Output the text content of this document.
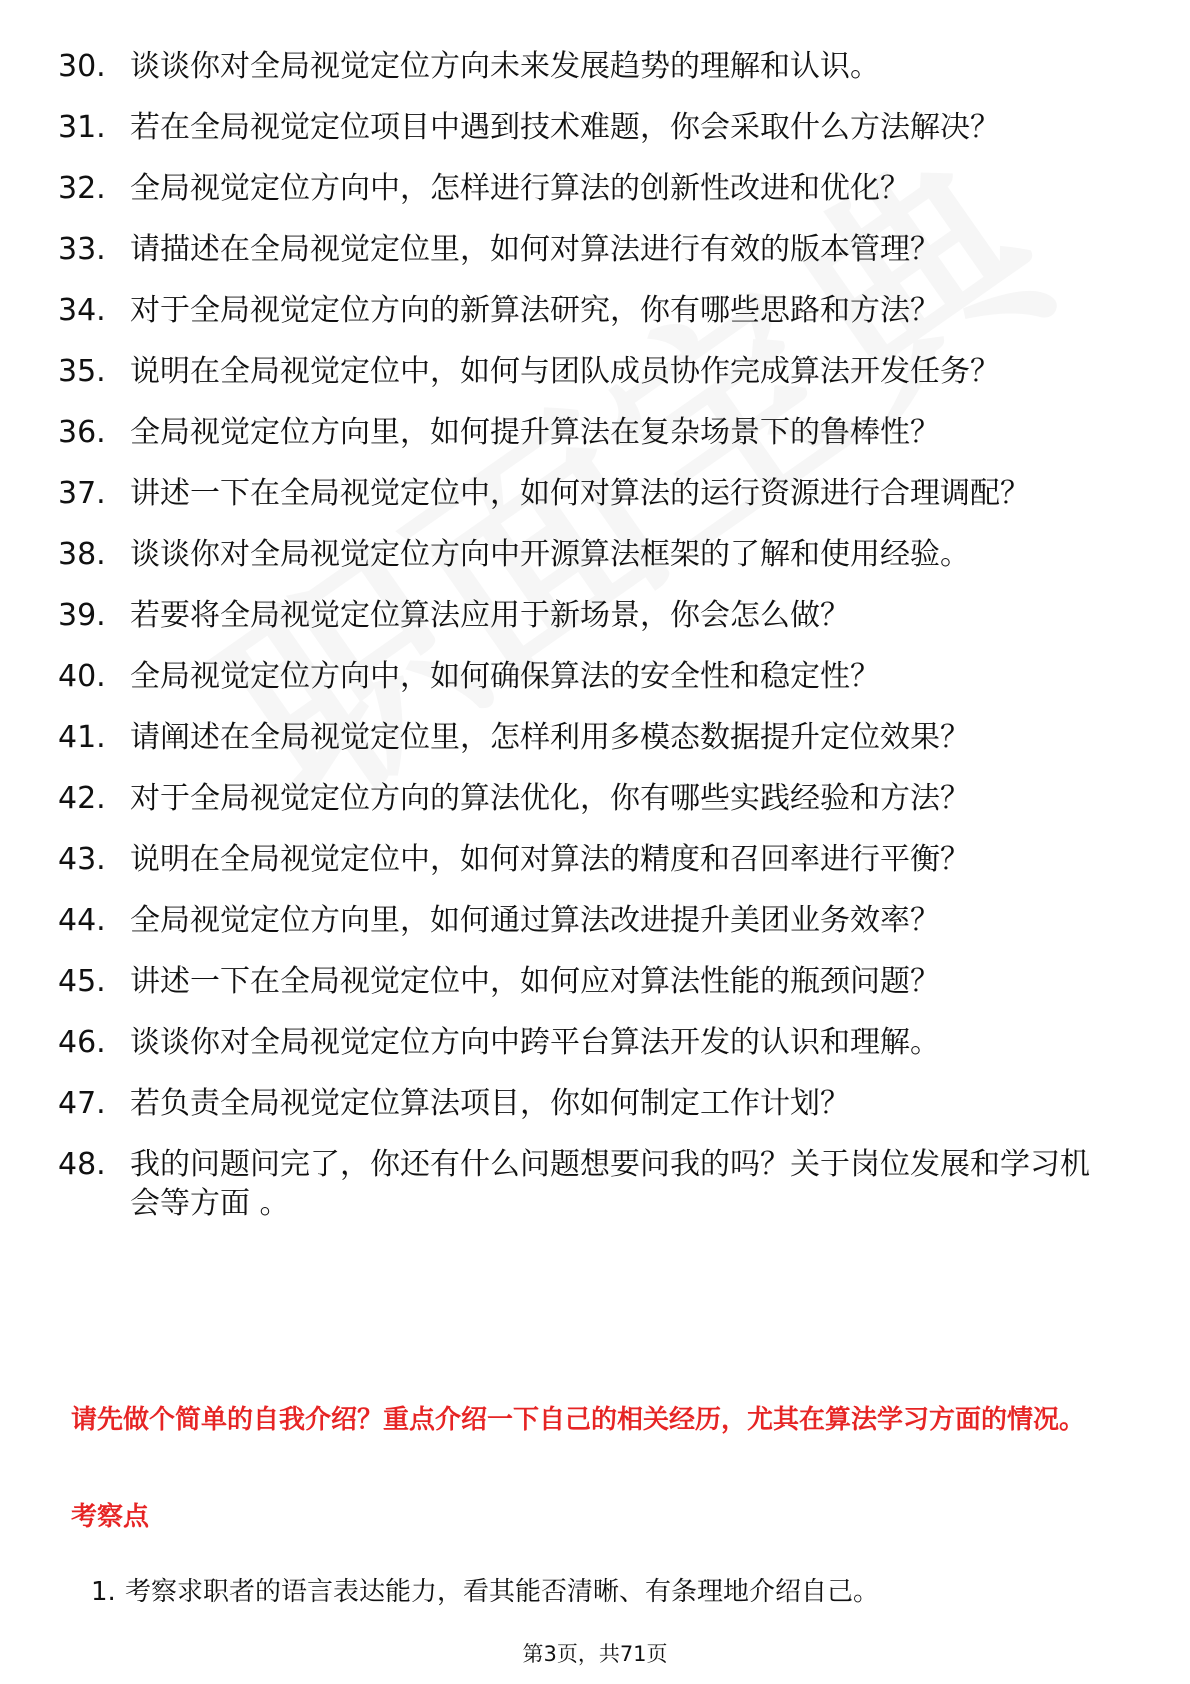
30. 谈谈你对全局视觉定位方向未来发展趋势的理解和认识。
31. 若在全局视觉定位项目中遇到技术难题，你会采取什么方法解决？
32. 全局视觉定位方向中，怎样进行算法的创新性改进和优化？
33. 请描述在全局视觉定位里，如何对算法进行有效的版本管理？
34. 对于全局视觉定位方向的新算法研究，你有哪些思路和方法？
35. 说明在全局视觉定位中，如何与团队成员协作完成算法开发任务？
36. 全局视觉定位方向里，如何提升算法在复杂场景下的鲁棒性？
37. 讲述一下在全局视觉定位中，如何对算法的运行资源进行合理调配？
38. 谈谈你对全局视觉定位方向中开源算法框架的了解和使用经验。
39. 若要将全局视觉定位算法应用于新场景，你会怎么做？
40. 全局视觉定位方向中，如何确保算法的安全性和稳定性？
41. 请阐述在全局视觉定位里，怎样利用多模态数据提升定位效果？
42. 对于全局视觉定位方向的算法优化，你有哪些实践经验和方法？
43. 说明在全局视觉定位中，如何对算法的精度和召回率进行平衡？
44. 全局视觉定位方向里，如何通过算法改进提升美团业务效率？
45. 讲述一下在全局视觉定位中，如何应对算法性能的瓶颈问题？
46. 谈谈你对全局视觉定位方向中跨平台算法开发的认识和理解。
47. 若负责全局视觉定位算法项目，你如何制定工作计划？
48. 我的问题问完了，你还有什么问题想要问我的吗？关于岗位发展和学习机会等方面 。
请先做个简单的自我介绍？重点介绍一下自己的相关经历，尤其在算法学习方面的情况。
考察点
1. 考察求职者的语言表达能力，看其能否清晰、有条理地介绍自己。
第3页，共71页
